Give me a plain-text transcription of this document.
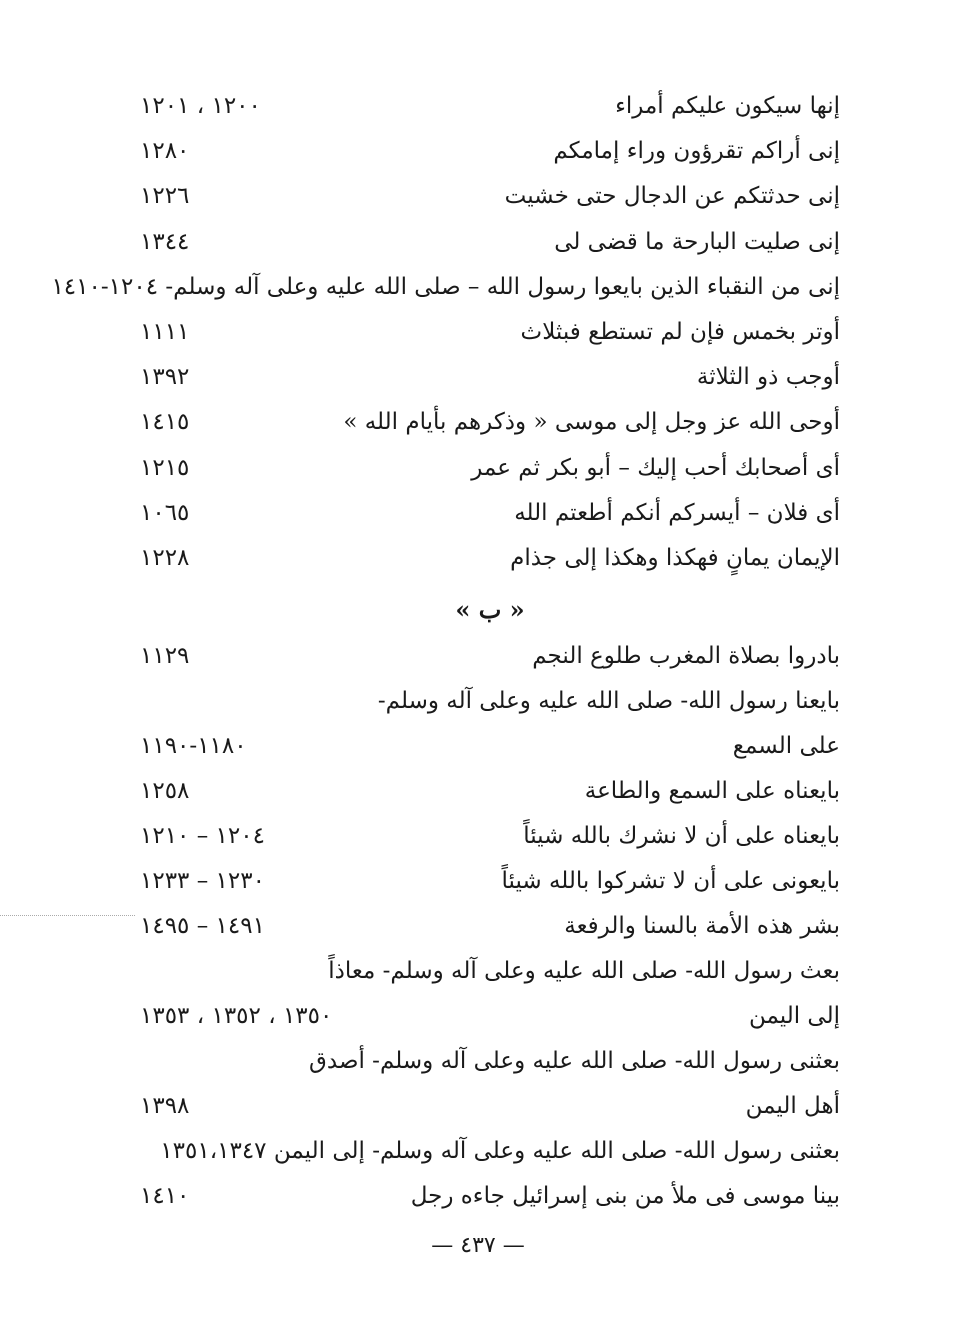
إنها سيكون عليكم أمراء
١٢٠٠ ، ١٢٠١
إنى أراكم تقرؤون وراء إمامكم
١٢٨٠
إنى حدثتكم عن الدجال حتى خشيت
١٢٢٦
إنى صليت البارحة ما قضى لى
١٣٤٤
إنى من النقباء الذين بايعوا رسول الله – صلى الله عليه وعلى آله وسلم- ١٢٠٤-١٤١٠
أوتر بخمس فإن لم تستطع فبثلاث
١١١١
أوجب ذو الثلاثة
١٣٩٢
أوحى الله عز وجل إلى موسى « وذكرهم بأيام الله »
١٤١٥
أى أصحابك أحب إليك – أبو بكر ثم عمر
١٢١٥
أى فلان – أيسركم أنكم أطعتم الله
١٠٦٥
الإيمان يمانٍ فهكذا وهكذا إلى جذام
١٢٢٨
« ب »
بادروا بصلاة المغرب طلوع النجم
١١٢٩
بايعنا رسول الله- صلى الله عليه وعلى آله وسلم-
على السمع
١١٨٠-١١٩٠
بايعناه على السمع والطاعة
١٢٥٨
بايعناه على أن لا نشرك بالله شيئاً
١٢٠٤ – ١٢١٠
بايعونى على أن لا تشركوا بالله شيئاً
١٢٣٠ – ١٢٣٣
بشر هذه الأمة بالسنا والرفعة
١٤٩١ – ١٤٩٥
بعث رسول الله- صلى الله عليه وعلى آله وسلم- معاذاً
إلى اليمن
١٣٥٠ ، ١٣٥٢ ، ١٣٥٣
بعثنى رسول الله- صلى الله عليه وعلى آله وسلم- أصدق
أهل اليمن
١٣٩٨
بعثنى رسول الله- صلى الله عليه وعلى آله وسلم- إلى اليمن ١٣٥١،١٣٤٧
بينا موسى فى ملأ من بنى إسرائيل جاءه رجل
١٤١٠
— ٤٣٧ —
